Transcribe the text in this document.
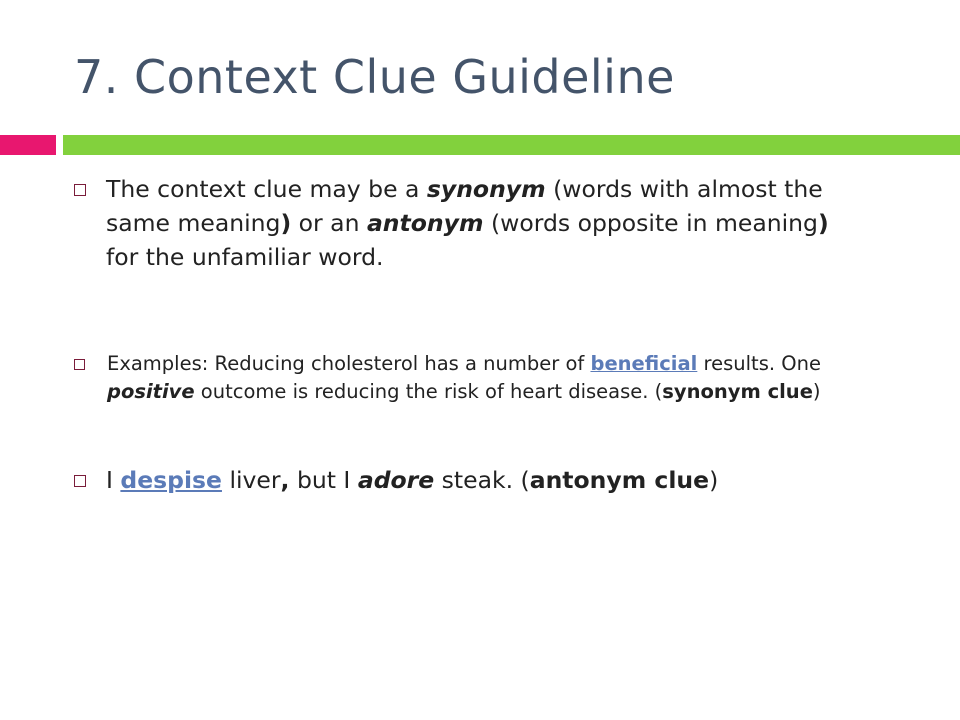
7. Context Clue Guideline
The context clue may be a synonym (words with almost the same meaning) or an antonym (words opposite in meaning) for the unfamiliar word.
Examples: Reducing cholesterol has a number of beneficial results. One positive outcome is reducing the risk of heart disease. (synonym clue)
I despise liver, but I adore steak. (antonym clue)
